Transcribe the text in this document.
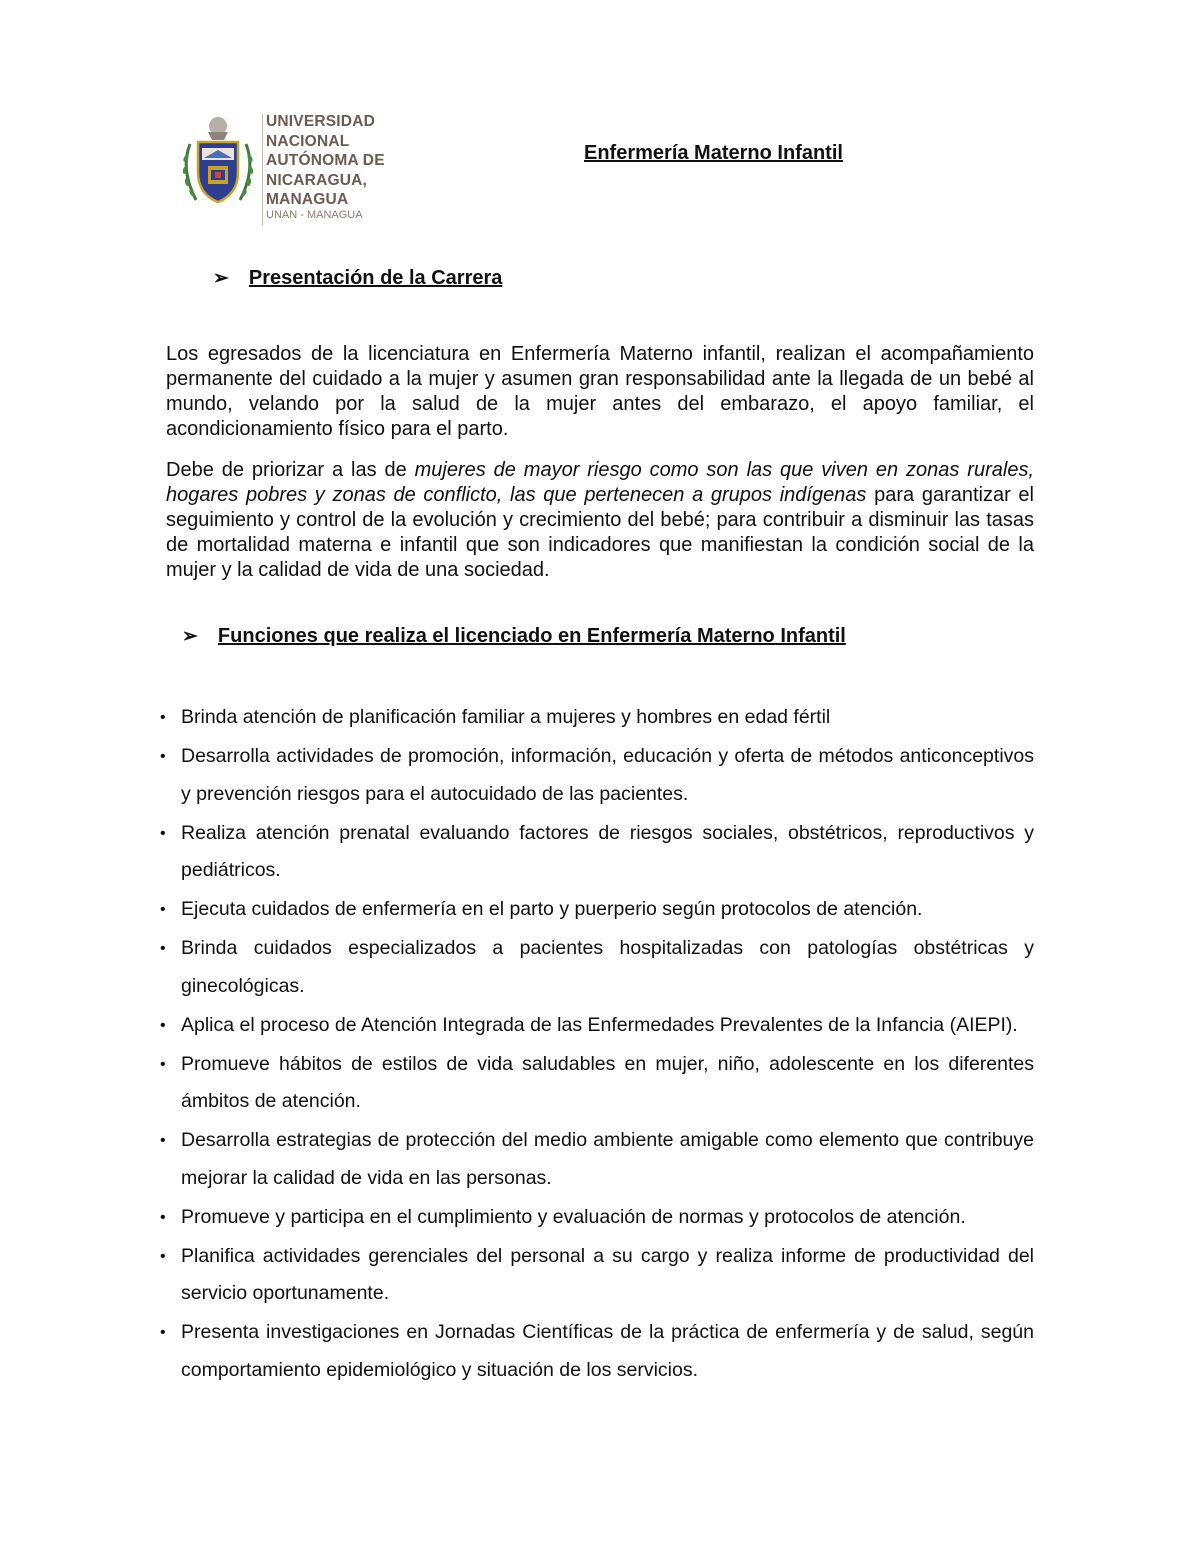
UNIVERSIDAD
NACIONAL
AUTÓNOMA DE
NICARAGUA,
MANAGUA
UNAN - MANAGUA
Enfermería Materno Infantil
➢ Presentación de la Carrera
Los egresados de la licenciatura en Enfermería Materno infantil, realizan el acompañamiento permanente del cuidado a la mujer y asumen gran responsabilidad ante la llegada de un bebé al mundo, velando por la salud de la mujer antes del embarazo, el apoyo familiar, el acondicionamiento físico para el parto.
Debe de priorizar a las de mujeres de mayor riesgo como son las que viven en zonas rurales, hogares pobres y zonas de conflicto, las que pertenecen a grupos indígenas para garantizar el seguimiento y control de la evolución y crecimiento del bebé; para contribuir a disminuir las tasas de mortalidad materna e infantil que son indicadores que manifiestan la condición social de la mujer y la calidad de vida de una sociedad.
➢ Funciones que realiza el licenciado en Enfermería Materno Infantil
• Brinda atención de planificación familiar a mujeres y hombres en edad fértil
• Desarrolla actividades de promoción, información, educación y oferta de métodos anticonceptivos y prevención riesgos para el autocuidado de las pacientes.
• Realiza atención prenatal evaluando factores de riesgos sociales, obstétricos, reproductivos y pediátricos.
• Ejecuta cuidados de enfermería en el parto y puerperio según protocolos de atención.
• Brinda cuidados especializados a pacientes hospitalizadas con patologías obstétricas y ginecológicas.
• Aplica el proceso de Atención Integrada de las Enfermedades Prevalentes de la Infancia (AIEPI).
• Promueve hábitos de estilos de vida saludables en mujer, niño, adolescente en los diferentes ámbitos de atención.
• Desarrolla estrategias de protección del medio ambiente amigable como elemento que contribuye mejorar la calidad de vida en las personas.
• Promueve y participa en el cumplimiento y evaluación de normas y protocolos de atención.
• Planifica actividades gerenciales del personal a su cargo y realiza informe de productividad del servicio oportunamente.
• Presenta investigaciones en Jornadas Científicas de la práctica de enfermería y de salud, según comportamiento epidemiológico y situación de los servicios.
